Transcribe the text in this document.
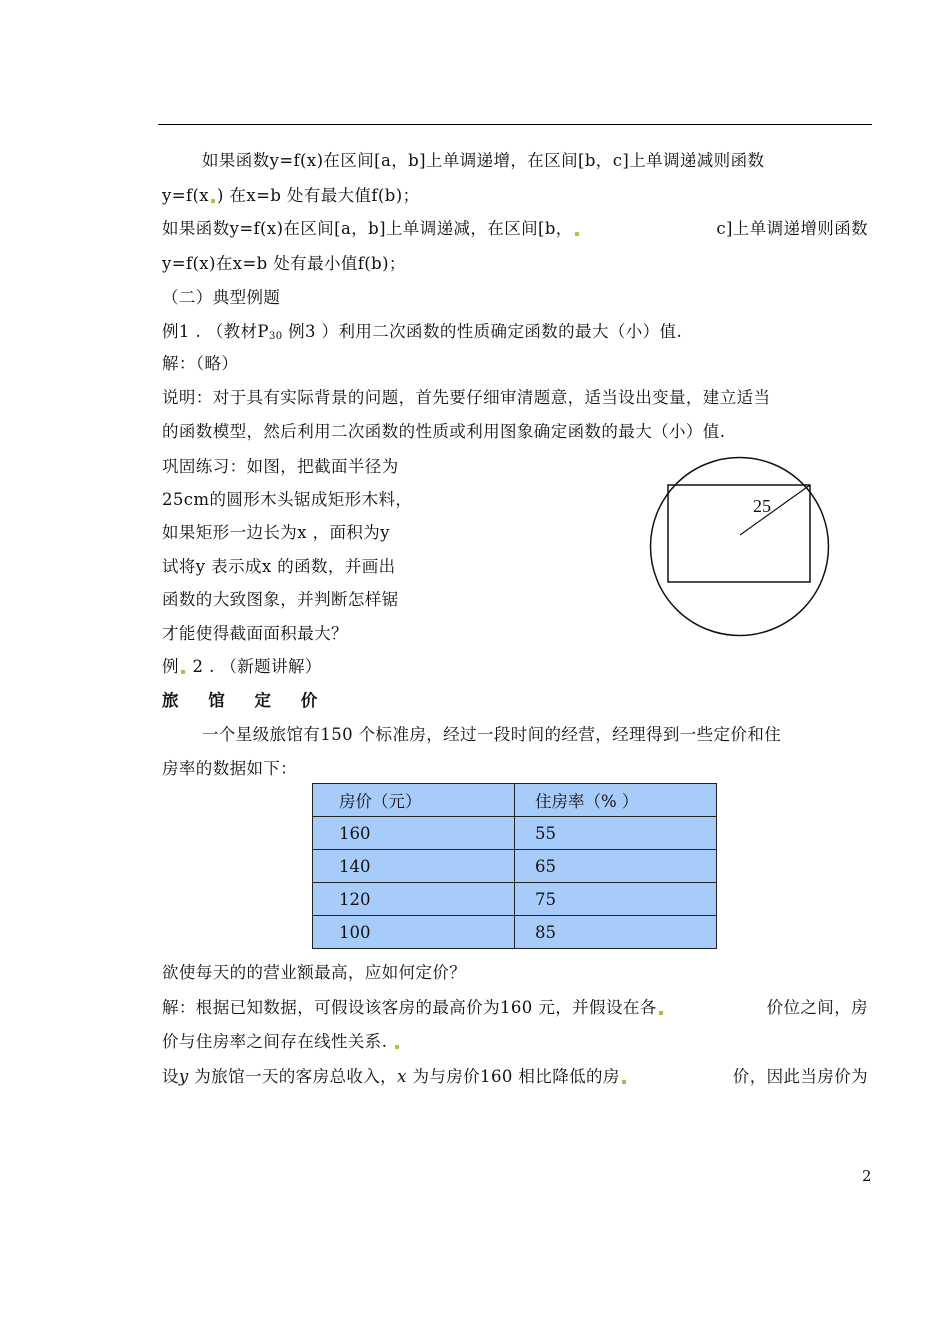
如果函数y=f(x)在区间[a，b]上单调递增，在区间[b，c]上单调递减则函数
y=f(x ) 在x=b 处有最大值f(b)；
如果函数y=f(x)在区间[a，b]上单调递减，在区间[b，	c]上单调递增则函数
y=f(x)在x=b 处有最小值f(b)；
（二）典型例题
例1 . （教材$P_{30}$ 例3 ）利用二次函数的性质确定函数的最大（小）值.
解：（略）
说明：对于具有实际背景的问题，首先要仔细审清题意，适当设出变量，建立适当
的函数模型，然后利用二次函数的性质或利用图象确定函数的最大（小）值.
巩固练习：如图，把截面半径为
25cm的圆形木头锯成矩形木料，
如果矩形一边长为x ，面积为y
试将y 表示成x 的函数，并画出
函数的大致图象，并判断怎样锯
才能使得截面面积最大？
25
例 2 . （新题讲解）
旅 馆 定 价
一个星级旅馆有150 个标准房，经过一段时间的经营，经理得到一些定价和住
房率的数据如下：
房价（元）	住房率（% ）
160	55
140	65
120	75
100	85
欲使每天的的营业额最高，应如何定价？
解：根据已知数据，可假设该客房的最高价为160 元，并假设在各	价位之间，房
价与住房率之间存在线性关系.
设y 为旅馆一天的客房总收入，x 为与房价160 相比降低的房	价，因此当房价为
2
